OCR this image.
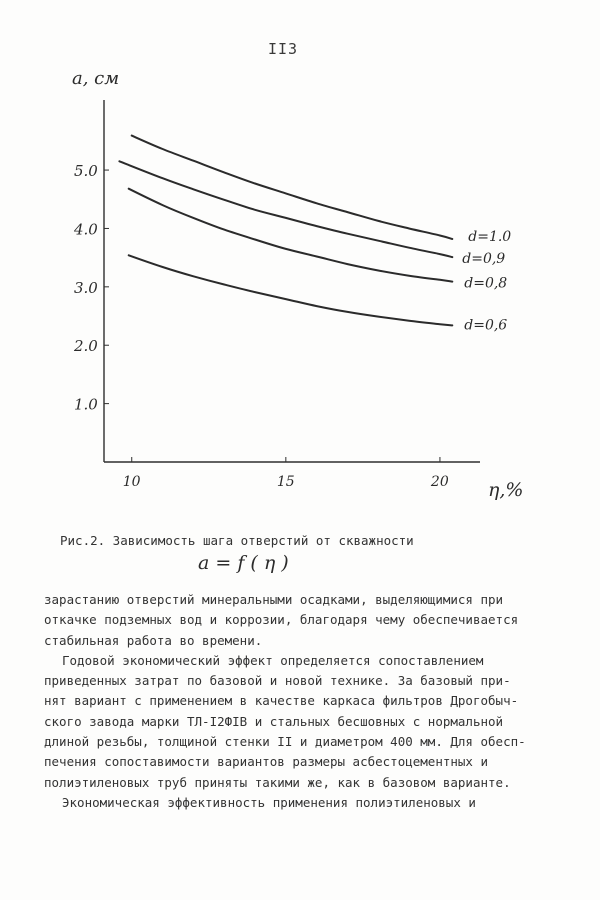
II3
1.0
2.0
3.0
4.0
5.0
10	15	20
d=1.0
d=0,9
d=0,8
d=0,6
a, см
η,%
Рис.2. Зависимость шага отверстий от скважности
a = f ( η )
зарастанию отверстий минеральными осадками, выделяющимися при
откачке подземных вод и коррозии, благодаря чему обеспечивается
стабильная работа во времени.
Годовой экономический эффект определяется сопоставлением
приведенных затрат по базовой и новой технике. За базовый при-
нят вариант с применением в качестве каркаса фильтров Дрогобыч-
ского завода марки ТЛ-I2ФIВ и стальных бесшовных с нормальной
длиной резьбы, толщиной стенки II и диаметром 400 мм. Для обесп-
печения сопоставимости вариантов размеры асбестоцементных и
полиэтиленовых труб приняты такими же, как в базовом варианте.
Экономическая эффективность применения полиэтиленовых и
